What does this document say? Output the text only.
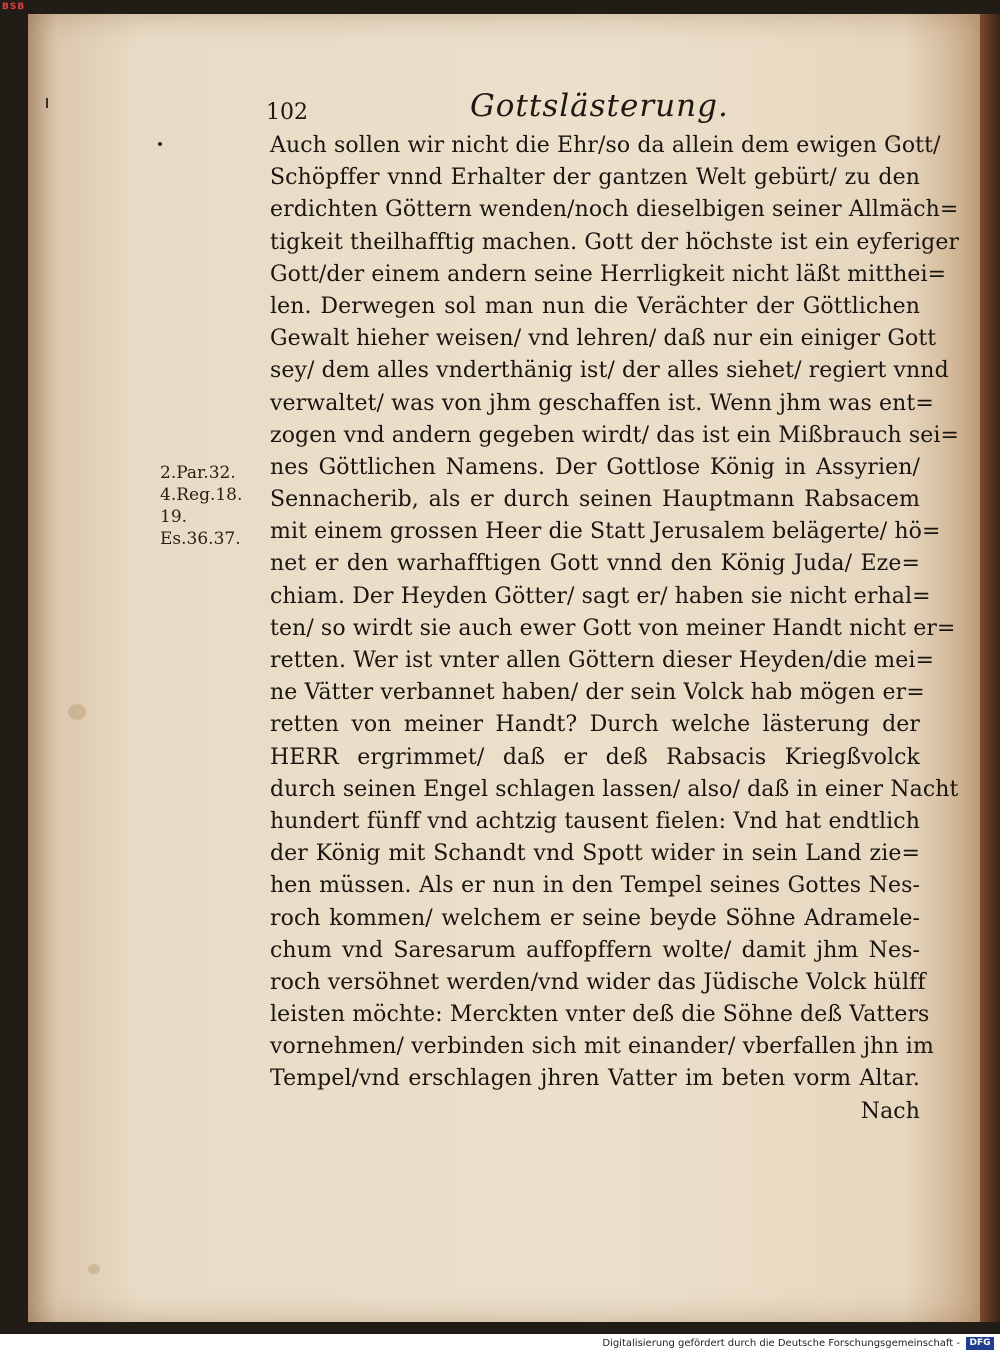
BSB
102	Gottslästerung.
Auch sollen wir nicht die Ehr/so da allein dem ewigen Gott/
Schöpffer vnnd Erhalter der gantzen Welt gebürt/ zu den
erdichten Göttern wenden/noch dieselbigen seiner Allmäch=
tigkeit theilhafftig machen. Gott der höchste ist ein eyferiger
Gott/der einem andern seine Herrligkeit nicht läßt mitthei=
len. Derwegen sol man nun die Verächter der Göttlichen
Gewalt hieher weisen/ vnd lehren/ daß nur ein einiger Gott
sey/ dem alles vnderthänig ist/ der alles siehet/ regiert vnnd
verwaltet/ was von jhm geschaffen ist. Wenn jhm was ent=
zogen vnd andern gegeben wirdt/ das ist ein Mißbrauch sei=
nes Göttlichen Namens. Der Gottlose König in Assyrien/
Sennacherib, als er durch seinen Hauptmann Rabsacem
mit einem grossen Heer die Statt Jerusalem belägerte/ hö=
net er den warhafftigen Gott vnnd den König Juda/ Eze=
chiam. Der Heyden Götter/ sagt er/ haben sie nicht erhal=
ten/ so wirdt sie auch ewer Gott von meiner Handt nicht er=
retten. Wer ist vnter allen Göttern dieser Heyden/die mei=
ne Vätter verbannet haben/ der sein Volck hab mögen er=
retten von meiner Handt? Durch welche lästerung der
HERR ergrimmet/ daß er deß Rabsacis Kriegßvolck
durch seinen Engel schlagen lassen/ also/ daß in einer Nacht
hundert fünff vnd achtzig tausent fielen: Vnd hat endtlich
der König mit Schandt vnd Spott wider in sein Land zie=
hen müssen. Als er nun in den Tempel seines Gottes Nes-
roch kommen/ welchem er seine beyde Söhne Adramele-
chum vnd Saresarum auffopffern wolte/ damit jhm Nes-
roch versöhnet werden/vnd wider das Jüdische Volck hülff
leisten möchte: Merckten vnter deß die Söhne deß Vatters
vornehmen/ verbinden sich mit einander/ vberfallen jhn im
Tempel/vnd erschlagen jhren Vatter im beten vorm Altar.
Nach
2.Par.32.
4.Reg.18.
19.
Es.36.37.
Digitalisierung gefördert durch die Deutsche Forschungsgemeinschaft -	DFG
